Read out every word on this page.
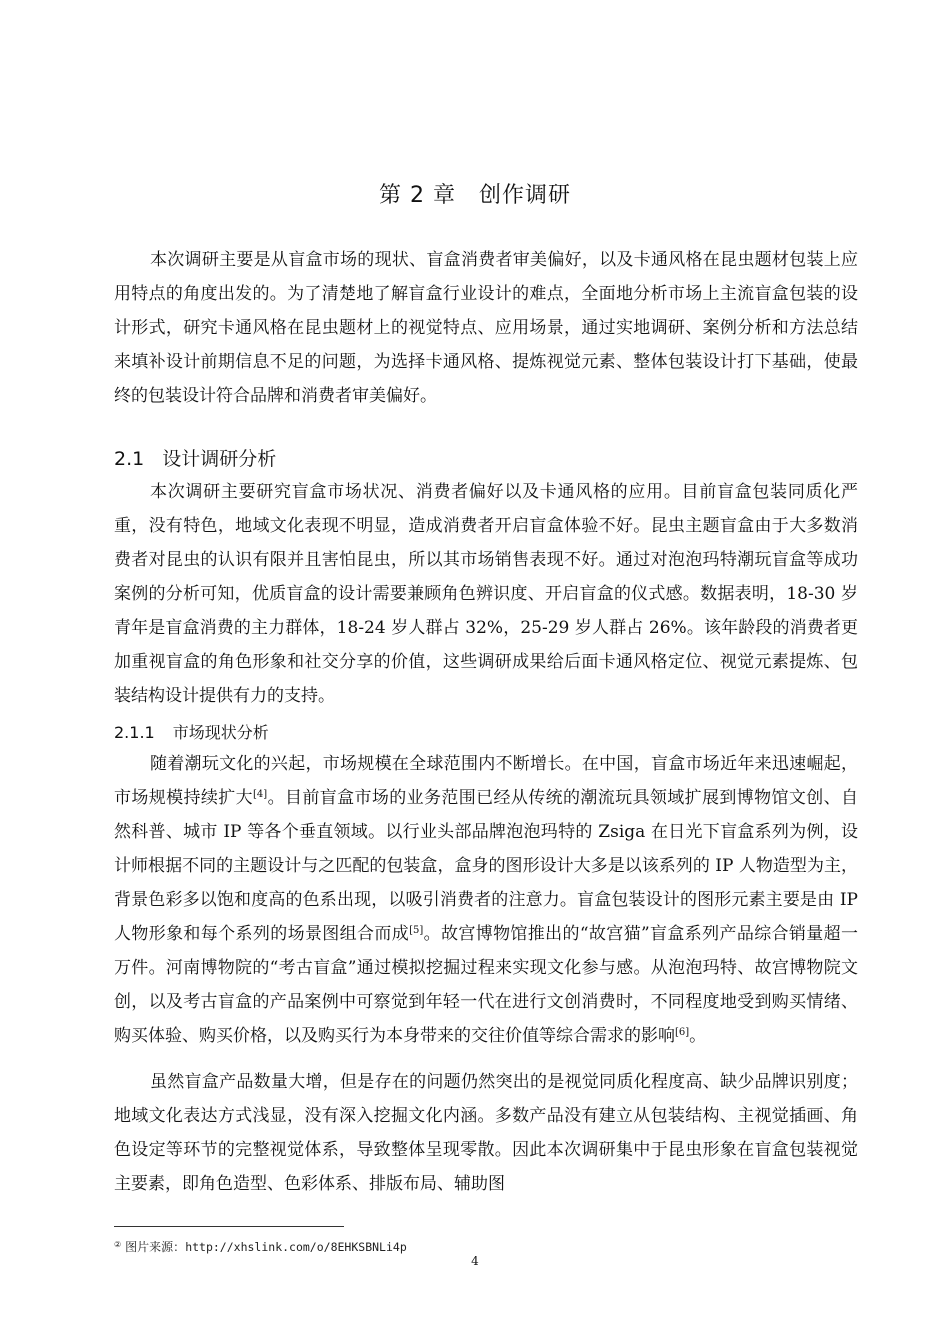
第 2 章　创作调研

本次调研主要是从盲盒市场的现状、盲盒消费者审美偏好，以及卡通风格在昆虫题材包装上应用特点的角度出发的。为了清楚地了解盲盒行业设计的难点，全面地分析市场上主流盲盒包装的设计形式，研究卡通风格在昆虫题材上的视觉特点、应用场景，通过实地调研、案例分析和方法总结来填补设计前期信息不足的问题，为选择卡通风格、提炼视觉元素、整体包装设计打下基础，使最终的包装设计符合品牌和消费者审美偏好。

2.1 设计调研分析

本次调研主要研究盲盒市场状况、消费者偏好以及卡通风格的应用。目前盲盒包装同质化严重，没有特色，地域文化表现不明显，造成消费者开启盲盒体验不好。昆虫主题盲盒由于大多数消费者对昆虫的认识有限并且害怕昆虫，所以其市场销售表现不好。通过对泡泡玛特潮玩盲盒等成功案例的分析可知，优质盲盒的设计需要兼顾角色辨识度、开启盲盒的仪式感。数据表明，18-30 岁青年是盲盒消费的主力群体，18-24 岁人群占 32%，25-29 岁人群占 26%。该年龄段的消费者更加重视盲盒的角色形象和社交分享的价值，这些调研成果给后面卡通风格定位、视觉元素提炼、包装结构设计提供有力的支持。

2.1.1 市场现状分析

随着潮玩文化的兴起，市场规模在全球范围内不断增长。在中国，盲盒市场近年来迅速崛起，市场规模持续扩大[4]。目前盲盒市场的业务范围已经从传统的潮流玩具领域扩展到博物馆文创、自然科普、城市 IP 等各个垂直领域。以行业头部品牌泡泡玛特的 Zsiga 在日光下盲盒系列为例，设计师根据不同的主题设计与之匹配的包装盒，盒身的图形设计大多是以该系列的 IP 人物造型为主，背景色彩多以饱和度高的色系出现，以吸引消费者的注意力。盲盒包装设计的图形元素主要是由 IP 人物形象和每个系列的场景图组合而成[5]。故宫博物馆推出的“故宫猫”盲盒系列产品综合销量超一万件。河南博物院的“考古盲盒”通过模拟挖掘过程来实现文化参与感。从泡泡玛特、故宫博物院文创，以及考古盲盒的产品案例中可察觉到年轻一代在进行文创消费时，不同程度地受到购买情绪、购买体验、购买价格，以及购买行为本身带来的交往价值等综合需求的影响[6]。

虽然盲盒产品数量大增，但是存在的问题仍然突出的是视觉同质化程度高、缺少品牌识别度；地域文化表达方式浅显，没有深入挖掘文化内涵。多数产品没有建立从包装结构、主视觉插画、角色设定等环节的完整视觉体系，导致整体呈现零散。因此本次调研集中于昆虫形象在盲盒包装视觉主要素，即角色造型、色彩体系、排版布局、辅助图

② 图片来源：http://xhslink.com/o/8EHKSBNLi4p
4
